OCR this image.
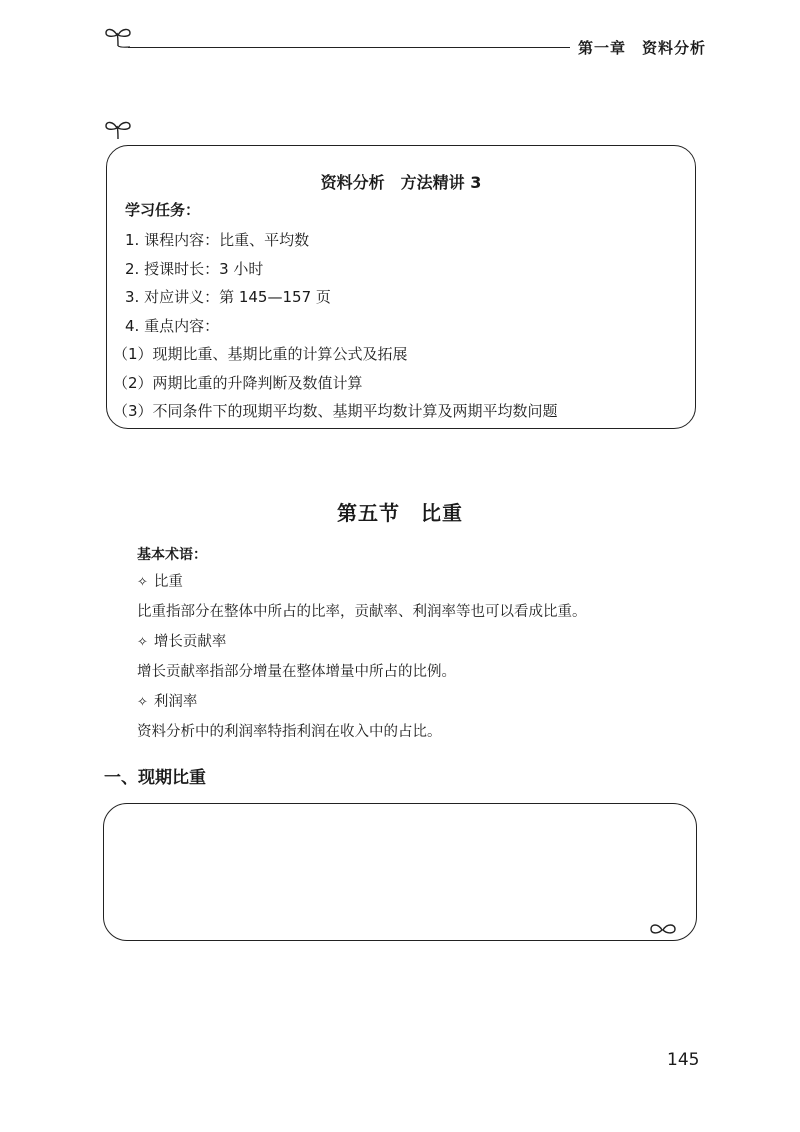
第一章　资料分析
资料分析　方法精讲 3
学习任务：
1. 课程内容：比重、平均数
2. 授课时长：3 小时
3. 对应讲义：第 145—157 页
4. 重点内容：
（1）现期比重、基期比重的计算公式及拓展
（2）两期比重的升降判断及数值计算
（3）不同条件下的现期平均数、基期平均数计算及两期平均数问题
第五节　比重
基本术语：
✧ 比重
比重指部分在整体中所占的比率，贡献率、利润率等也可以看成比重。
✧ 增长贡献率
增长贡献率指部分增量在整体增量中所占的比例。
✧ 利润率
资料分析中的利润率特指利润在收入中的占比。
一、现期比重
145
